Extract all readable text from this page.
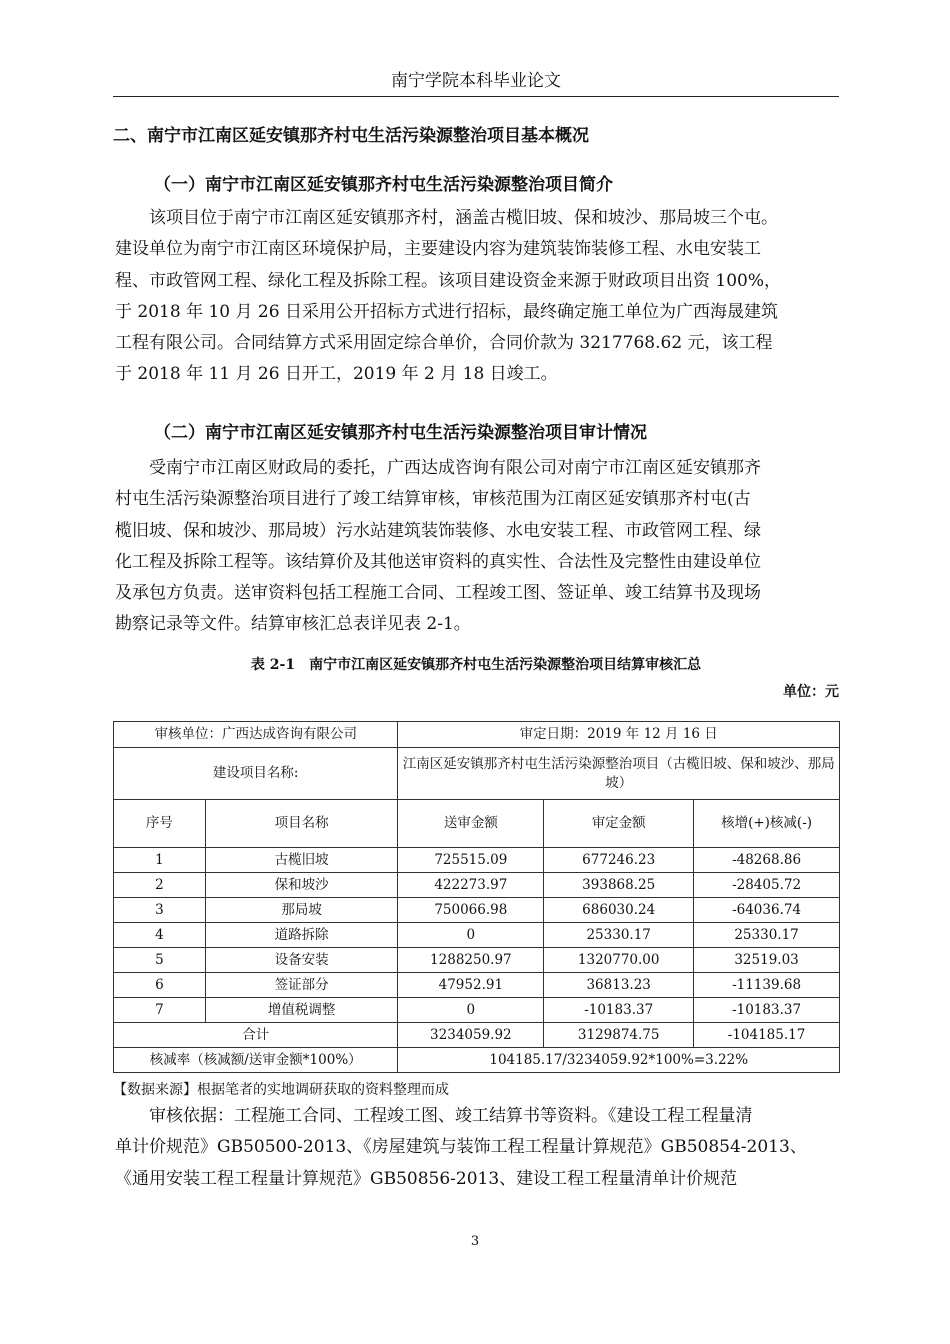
南宁学院本科毕业论文
二、南宁市江南区延安镇那齐村屯生活污染源整治项目基本概况
（一）南宁市江南区延安镇那齐村屯生活污染源整治项目简介

　　该项目位于南宁市江南区延安镇那齐村，涵盖古榄旧坡、保和坡沙、那局坡三个屯。
建设单位为南宁市江南区环境保护局，主要建设内容为建筑装饰装修工程、水电安装工
程、市政管网工程、绿化工程及拆除工程。该项目建设资金来源于财政项目出资 100%，
于 2018 年 10 月 26 日采用公开招标方式进行招标，最终确定施工单位为广西海晟建筑
工程有限公司。合同结算方式采用固定综合单价，合同价款为 3217768.62 元，该工程
于 2018 年 11 月 26 日开工，2019 年 2 月 18 日竣工。

（二）南宁市江南区延安镇那齐村屯生活污染源整治项目审计情况

　　受南宁市江南区财政局的委托，广西达成咨询有限公司对南宁市江南区延安镇那齐
村屯生活污染源整治项目进行了竣工结算审核，审核范围为江南区延安镇那齐村屯(古
榄旧坡、保和坡沙、那局坡）污水站建筑装饰装修、水电安装工程、市政管网工程、绿
化工程及拆除工程等。该结算价及其他送审资料的真实性、合法性及完整性由建设单位
及承包方负责。送审资料包括工程施工合同、工程竣工图、签证单、竣工结算书及现场
勘察记录等文件。结算审核汇总表详见表 2-1。

表 2-1　南宁市江南区延安镇那齐村屯生活污染源整治项目结算审核汇总
单位：元
审核单位：广西达成咨询有限公司		审定日期：2019 年 12 月 16 日		
建设项目名称:		江南区延安镇那齐村屯生活污染源整治项目（古榄旧坡、保和坡沙、那局坡）		
序号	项目名称	送审金额	审定金额	核增(+)核减(-)
1	古榄旧坡	725515.09	677246.23	-48268.86
2	保和坡沙	422273.97	393868.25	-28405.72
3	那局坡	750066.98	686030.24	-64036.74
4	道路拆除	0	25330.17	25330.17
5	设备安装	1288250.97	1320770.00	32519.03
6	签证部分	47952.91	36813.23	-11139.68
7	增值税调整	0	-10183.37	-10183.37
合计		3234059.92	3129874.75	-104185.17
核减率（核减额/送审金额*100%）		104185.17/3234059.92*100%=3.22%		
【数据来源】根据笔者的实地调研获取的资料整理而成

　　审核依据：工程施工合同、工程竣工图、竣工结算书等资料。《建设工程工程量清
单计价规范》GB50500-2013、《房屋建筑与装饰工程工程量计算规范》GB50854-2013、
《通用安装工程工程量计算规范》GB50856-2013、建设工程工程量清单计价规范

3
